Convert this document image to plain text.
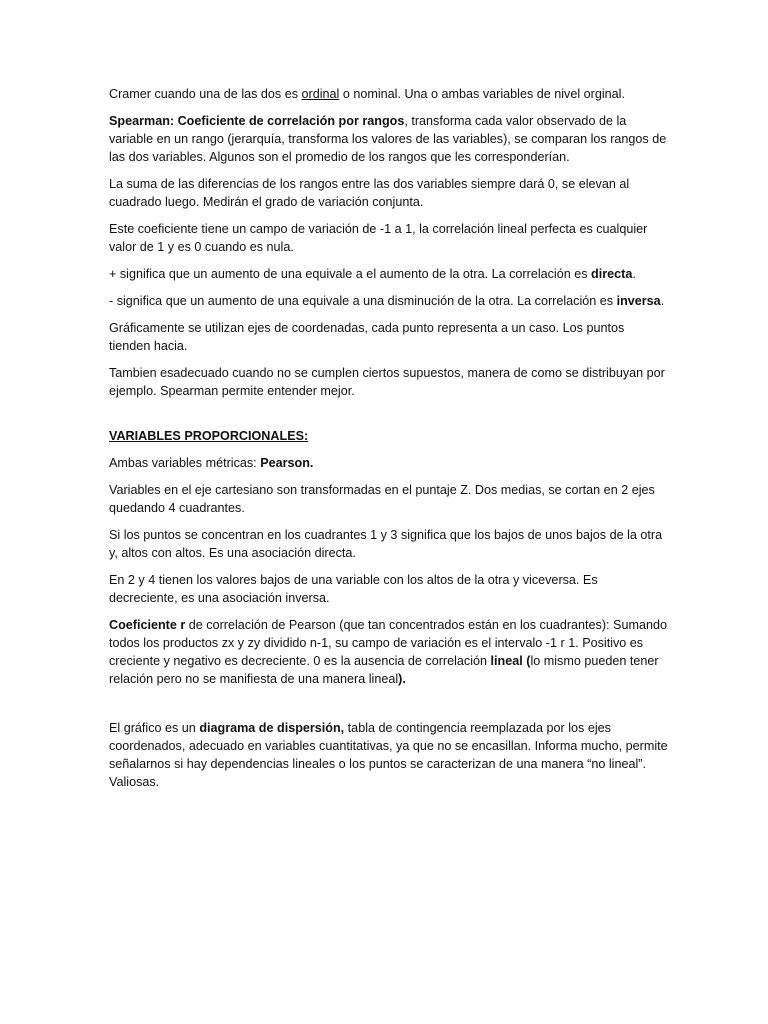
Cramer cuando una de las dos es ordinal o nominal. Una o ambas variables de nivel orginal.

Spearman: Coeficiente de correlación por rangos, transforma cada valor observado de la variable en un rango (jerarquía, transforma los valores de las variables), se comparan los rangos de las dos variables. Algunos son el promedio de los rangos que les corresponderían.

La suma de las diferencias de los rangos entre las dos variables siempre dará 0, se elevan al cuadrado luego. Medirán el grado de variación conjunta.

Este coeficiente tiene un campo de variación de -1 a 1, la correlación lineal perfecta es cualquier valor de 1 y es 0 cuando es nula.

+ significa que un aumento de una equivale a el aumento de la otra. La correlación es directa.

- significa que un aumento de una equivale a una disminución de la otra. La correlación es inversa.

Gráficamente se utilizan ejes de coordenadas, cada punto representa a un caso. Los puntos tienden hacia.

Tambien esadecuado cuando no se cumplen ciertos supuestos, manera de como se distribuyan por ejemplo. Spearman permite entender mejor.

VARIABLES PROPORCIONALES:

Ambas variables métricas: Pearson.

Variables en el eje cartesiano son transformadas en el puntaje Z. Dos medias, se cortan en 2 ejes quedando 4 cuadrantes.

Si los puntos se concentran en los cuadrantes 1 y 3 significa que los bajos de unos bajos de la otra y, altos con altos. Es una asociación directa.

En 2 y 4 tienen los valores bajos de una variable con los altos de la otra y viceversa. Es decreciente, es una asociación inversa.

Coeficiente r de correlación de Pearson (que tan concentrados están en los cuadrantes): Sumando todos los productos zx y zy dividido n-1, su campo de variación es el intervalo -1 r 1. Positivo es creciente y negativo es decreciente. 0 es la ausencia de correlación lineal (lo mismo pueden tener relación pero no se manifiesta de una manera lineal).

El gráfico es un diagrama de dispersión, tabla de contingencia reemplazada por los ejes coordenados, adecuado en variables cuantitativas, ya que no se encasillan. Informa mucho, permite señalarnos si hay dependencias lineales o los puntos se caracterizan de una manera “no lineal”. Valiosas.
